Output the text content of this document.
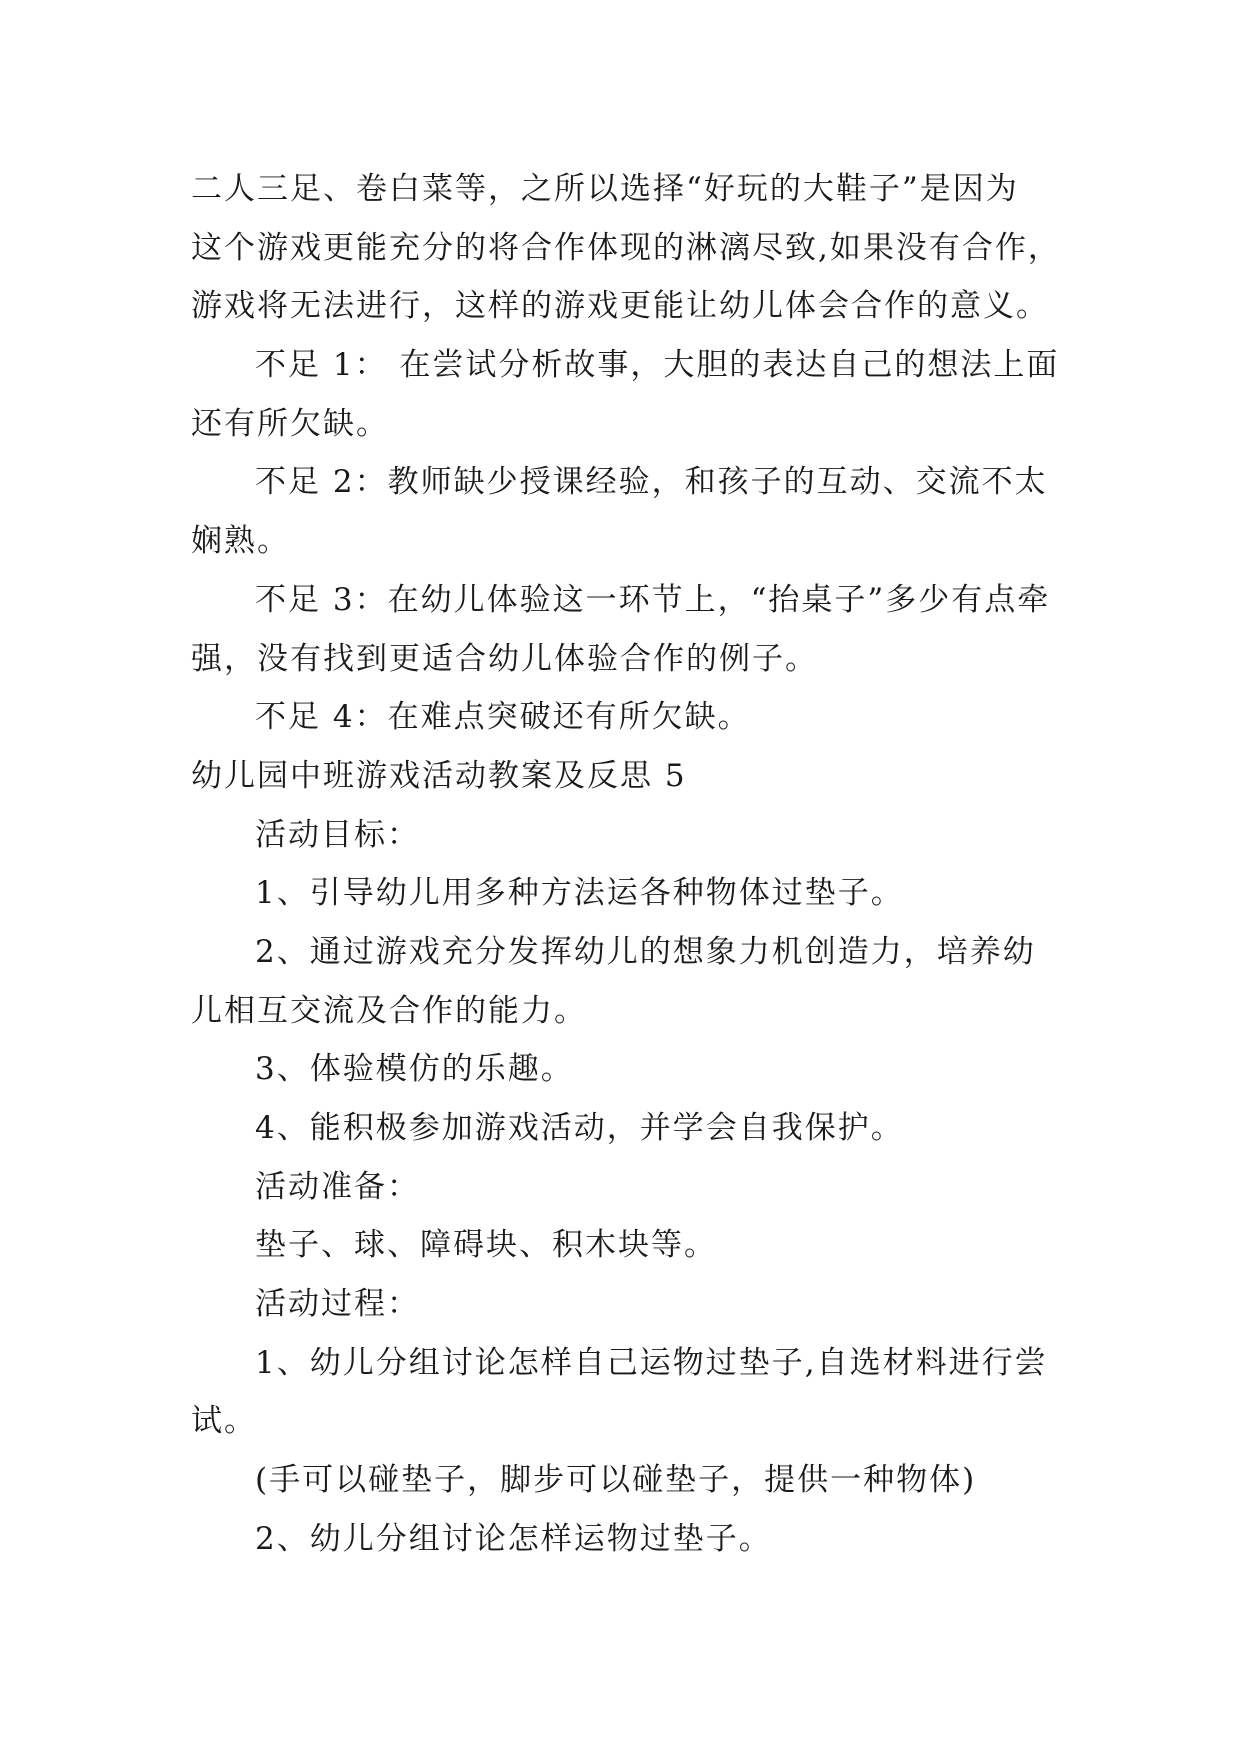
二人三足、卷白菜等，之所以选择“好玩的大鞋子”是因为
这个游戏更能充分的将合作体现的淋漓尽致,如果没有合作，
游戏将无法进行，这样的游戏更能让幼儿体会合作的意义。
不足 1： 在尝试分析故事，大胆的表达自己的想法上面
还有所欠缺。
不足 2：教师缺少授课经验，和孩子的互动、交流不太
娴熟。
不足 3：在幼儿体验这一环节上，“抬桌子”多少有点牵
强，没有找到更适合幼儿体验合作的例子。
不足 4：在难点突破还有所欠缺。
幼儿园中班游戏活动教案及反思 5
活动目标：
1、引导幼儿用多种方法运各种物体过垫子。
2、通过游戏充分发挥幼儿的想象力机创造力，培养幼
儿相互交流及合作的能力。
3、体验模仿的乐趣。
4、能积极参加游戏活动，并学会自我保护。
活动准备：
垫子、球、障碍块、积木块等。
活动过程：
1、幼儿分组讨论怎样自己运物过垫子,自选材料进行尝
试。
(手可以碰垫子，脚步可以碰垫子，提供一种物体)
2、幼儿分组讨论怎样运物过垫子。
